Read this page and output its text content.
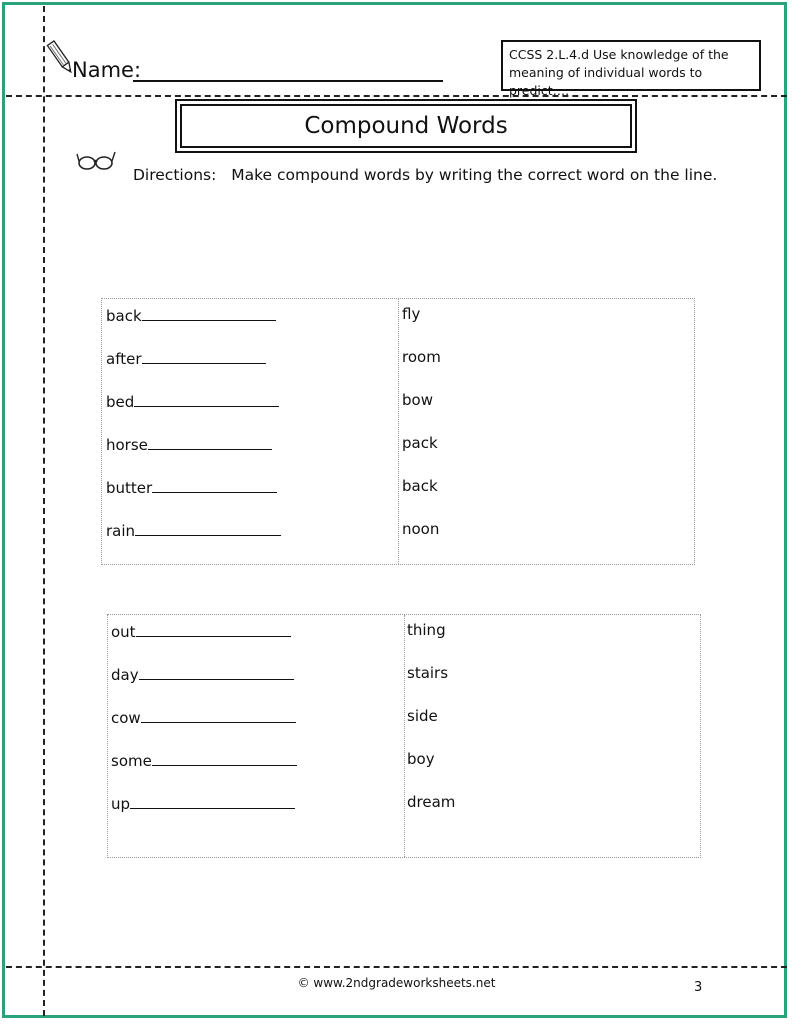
Name:
CCSS 2.L.4.d Use knowledge of the meaning of individual words to predict….
Compound Words
Directions: Make compound words by writing the correct word on the line.
back
after
bed
horse
butter
rain
fly
room
bow
pack
back
noon
out
day
cow
some
up
thing
stairs
side
boy
dream
© www.2ndgradeworksheets.net	3
